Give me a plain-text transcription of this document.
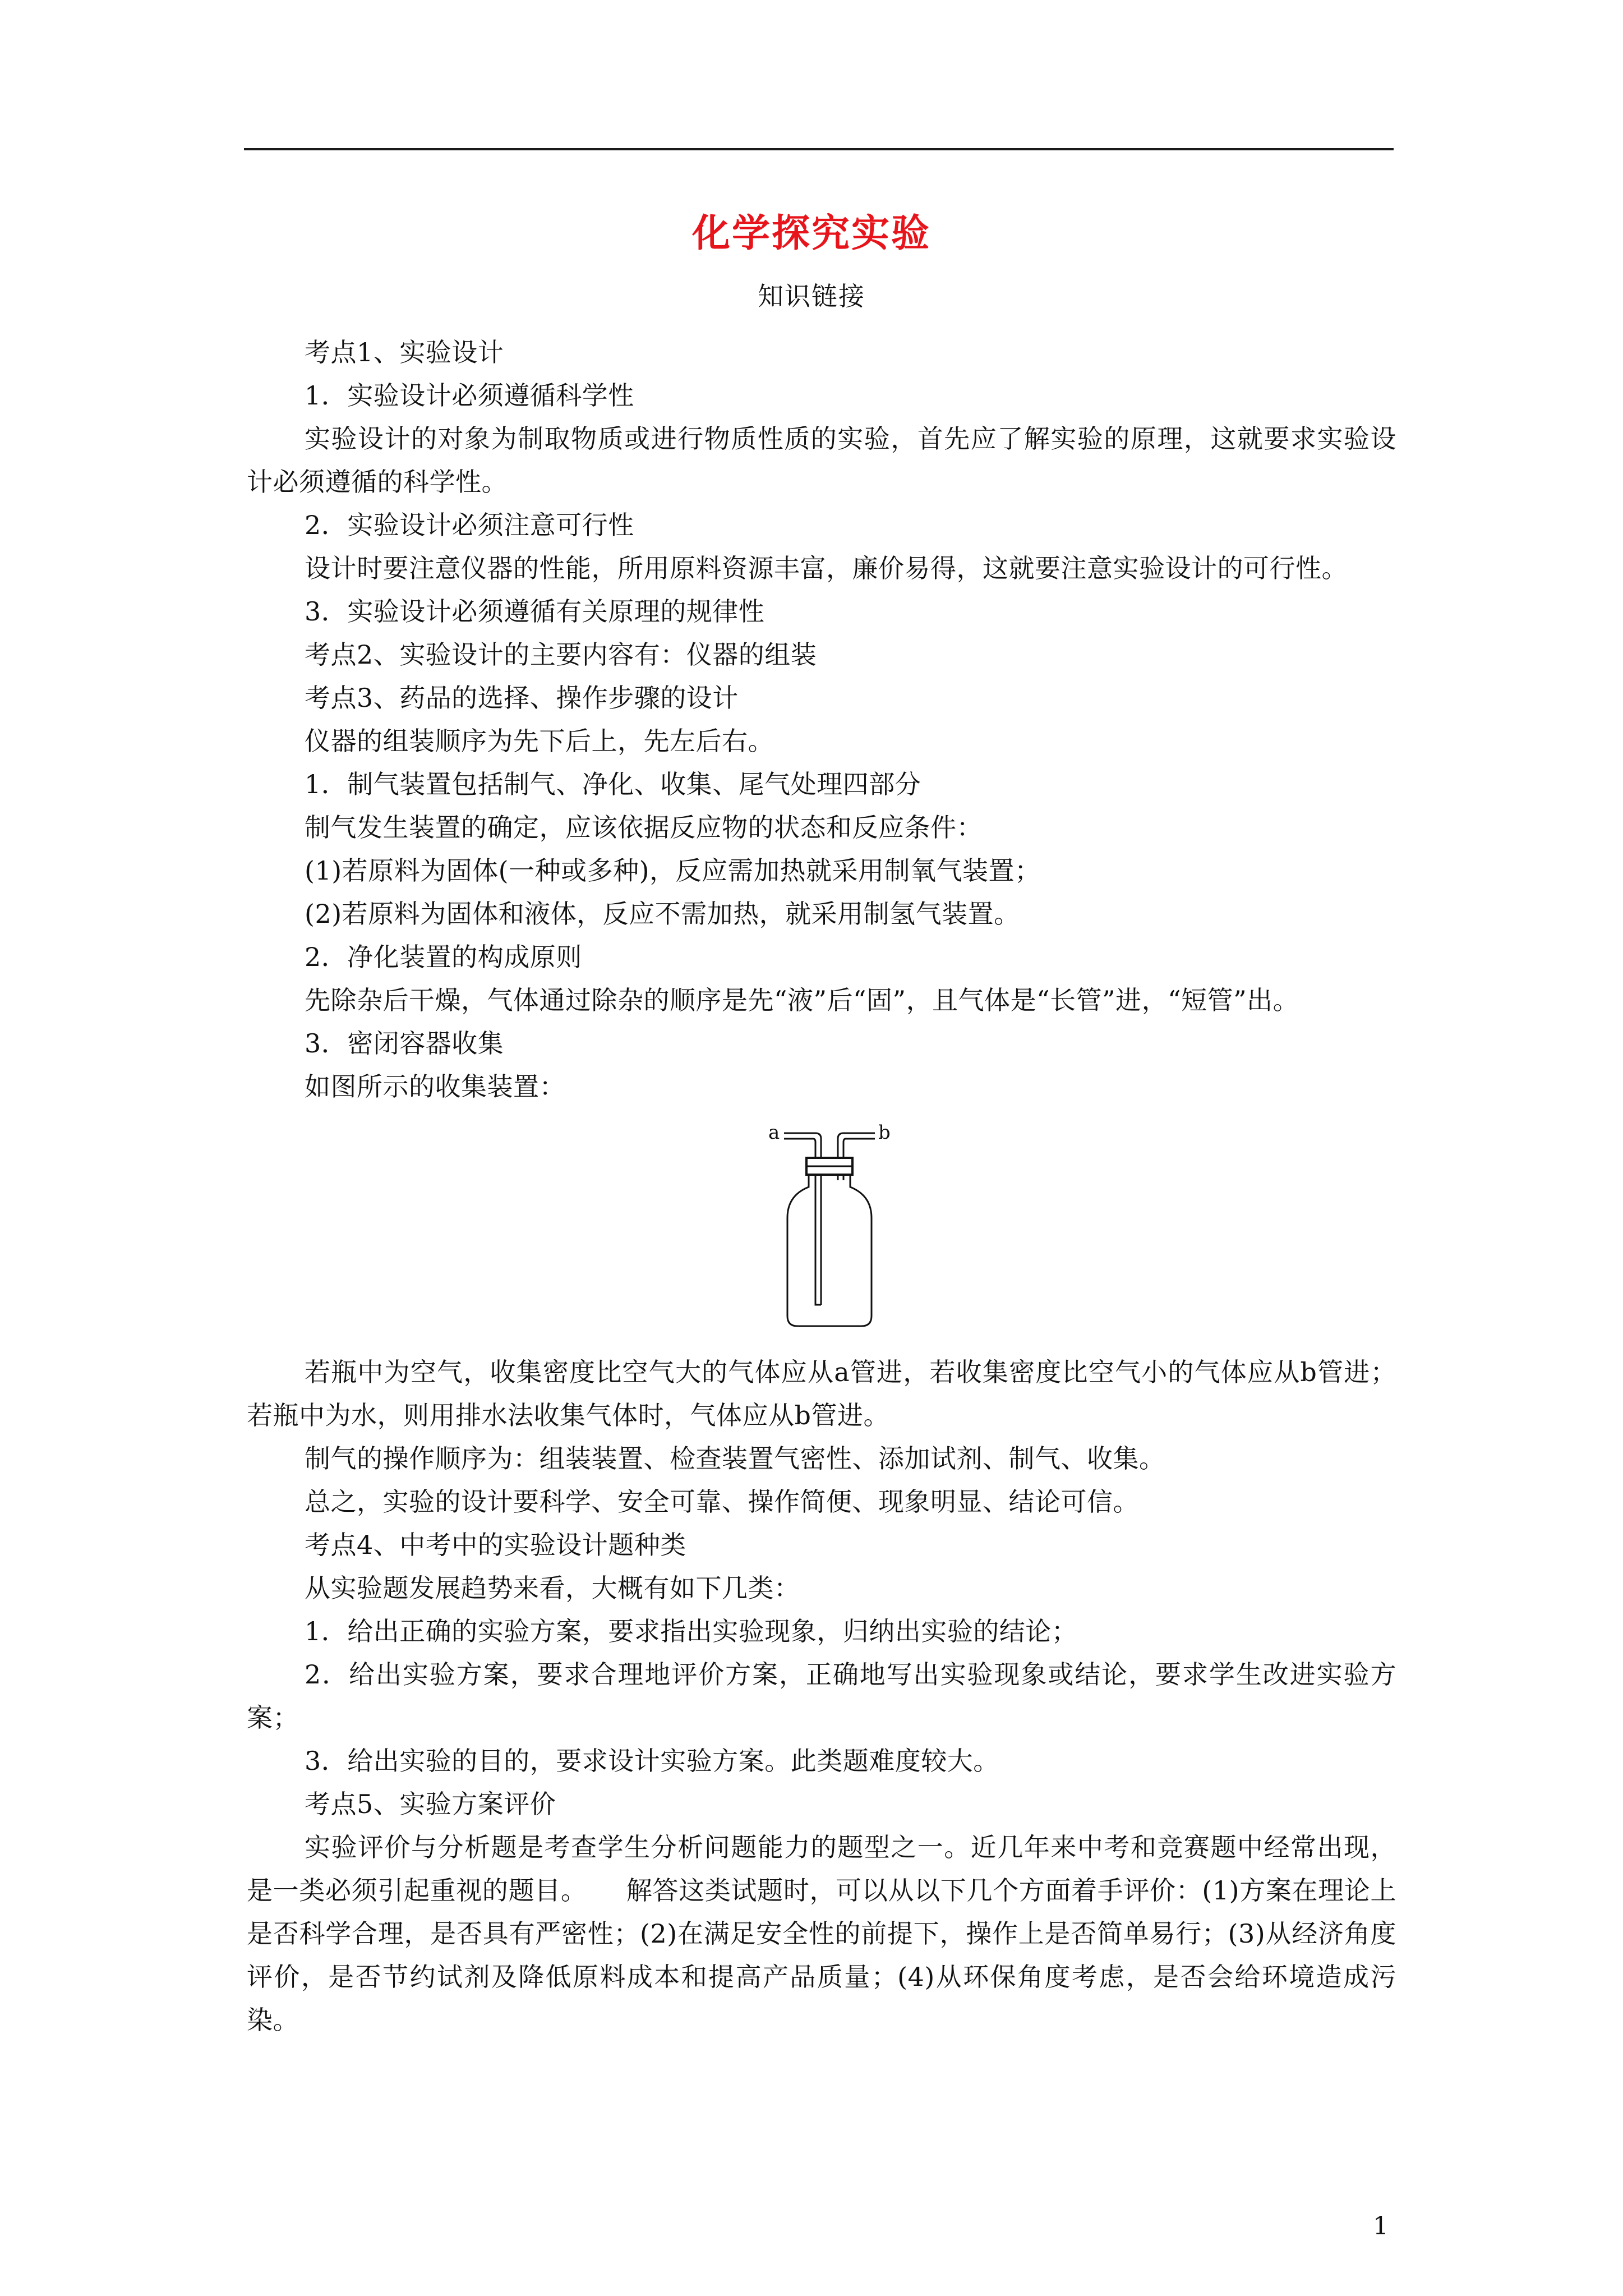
化学探究实验
知识链接

考点1、实验设计

1．实验设计必须遵循科学性

实验设计的对象为制取物质或进行物质性质的实验，首先应了解实验的原理，这就要求实验设计必须遵循的科学性。

2．实验设计必须注意可行性

设计时要注意仪器的性能，所用原料资源丰富，廉价易得，这就要注意实验设计的可行性。

3．实验设计必须遵循有关原理的规律性

考点2、实验设计的主要内容有：仪器的组装

考点3、药品的选择、操作步骤的设计

仪器的组装顺序为先下后上，先左后右。

1．制气装置包括制气、净化、收集、尾气处理四部分

制气发生装置的确定，应该依据反应物的状态和反应条件：

(1)若原料为固体(一种或多种)，反应需加热就采用制氧气装置；

(2)若原料为固体和液体，反应不需加热，就采用制氢气装置。

2．净化装置的构成原则

先除杂后干燥，气体通过除杂的顺序是先“液”后“固”，且气体是“长管”进，“短管”出。

3．密闭容器收集

如图所示的收集装置：

a	b

若瓶中为空气，收集密度比空气大的气体应从a管进，若收集密度比空气小的气体应从b管进；若瓶中为水，则用排水法收集气体时，气体应从b管进。

制气的操作顺序为：组装装置、检查装置气密性、添加试剂、制气、收集。

总之，实验的设计要科学、安全可靠、操作简便、现象明显、结论可信。

考点4、中考中的实验设计题种类

从实验题发展趋势来看，大概有如下几类：

1．给出正确的实验方案，要求指出实验现象，归纳出实验的结论；

2．给出实验方案，要求合理地评价方案，正确地写出实验现象或结论，要求学生改进实验方案；

3．给出实验的目的，要求设计实验方案。此类题难度较大。

考点5、实验方案评价

实验评价与分析题是考查学生分析问题能力的题型之一。近几年来中考和竞赛题中经常出现，是一类必须引起重视的题目。　　解答这类试题时，可以从以下几个方面着手评价：(1)方案在理论上是否科学合理，是否具有严密性；(2)在满足安全性的前提下，操作上是否简单易行；(3)从经济角度评价，是否节约试剂及降低原料成本和提高产品质量；(4)从环保角度考虑，是否会给环境造成污染。

1
